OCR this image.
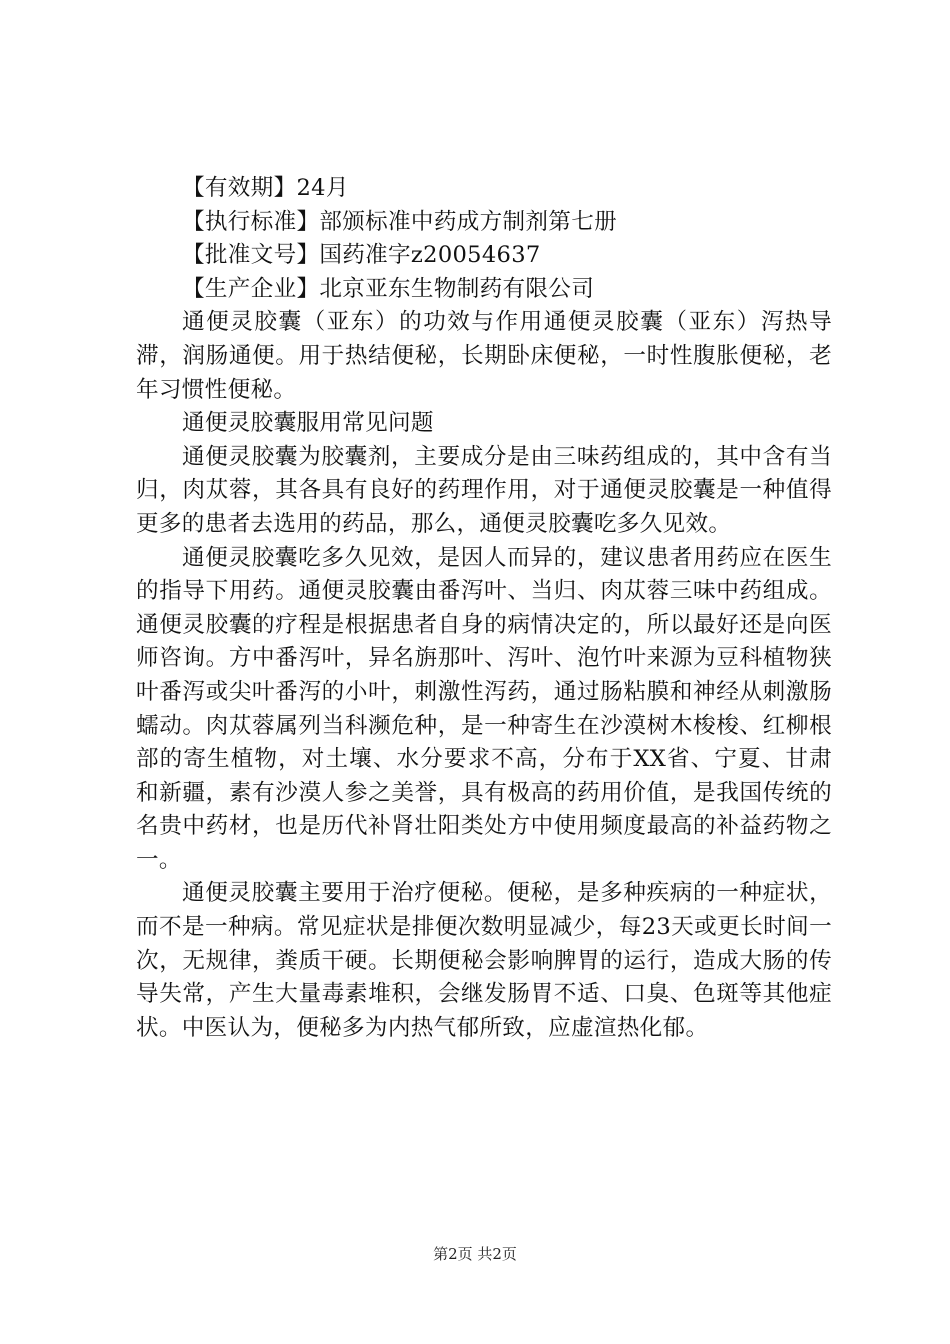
【有效期】24月

【执行标准】部颁标准中药成方制剂第七册

【批准文号】国药准字z20054637

【生产企业】北京亚东生物制药有限公司

通便灵胶囊（亚东）的功效与作用通便灵胶囊（亚东）泻热导滞，润肠通便。用于热结便秘，长期卧床便秘，一时性腹胀便秘，老年习惯性便秘。

通便灵胶囊服用常见问题

通便灵胶囊为胶囊剂，主要成分是由三味药组成的，其中含有当归，肉苁蓉，其各具有良好的药理作用，对于通便灵胶囊是一种值得更多的患者去选用的药品，那么，通便灵胶囊吃多久见效。

通便灵胶囊吃多久见效，是因人而异的，建议患者用药应在医生的指导下用药。通便灵胶囊由番泻叶、当归、肉苁蓉三味中药组成。通便灵胶囊的疗程是根据患者自身的病情决定的，所以最好还是向医师咨询。方中番泻叶，异名旃那叶、泻叶、泡竹叶来源为豆科植物狭叶番泻或尖叶番泻的小叶，刺激性泻药，通过肠粘膜和神经从刺激肠蠕动。肉苁蓉属列当科濒危种，是一种寄生在沙漠树木梭梭、红柳根部的寄生植物，对土壤、水分要求不高，分布于XX省、宁夏、甘肃和新疆，素有沙漠人参之美誉，具有极高的药用价值，是我国传统的名贵中药材，也是历代补肾壮阳类处方中使用频度最高的补益药物之一。

通便灵胶囊主要用于治疗便秘。便秘，是多种疾病的一种症状，而不是一种病。常见症状是排便次数明显减少，每23天或更长时间一次，无规律，粪质干硬。长期便秘会影响脾胃的运行，造成大肠的传导失常，产生大量毒素堆积，会继发肠胃不适、口臭、色斑等其他症状。中医认为，便秘多为内热气郁所致，应虚渲热化郁。

第2页 共2页
